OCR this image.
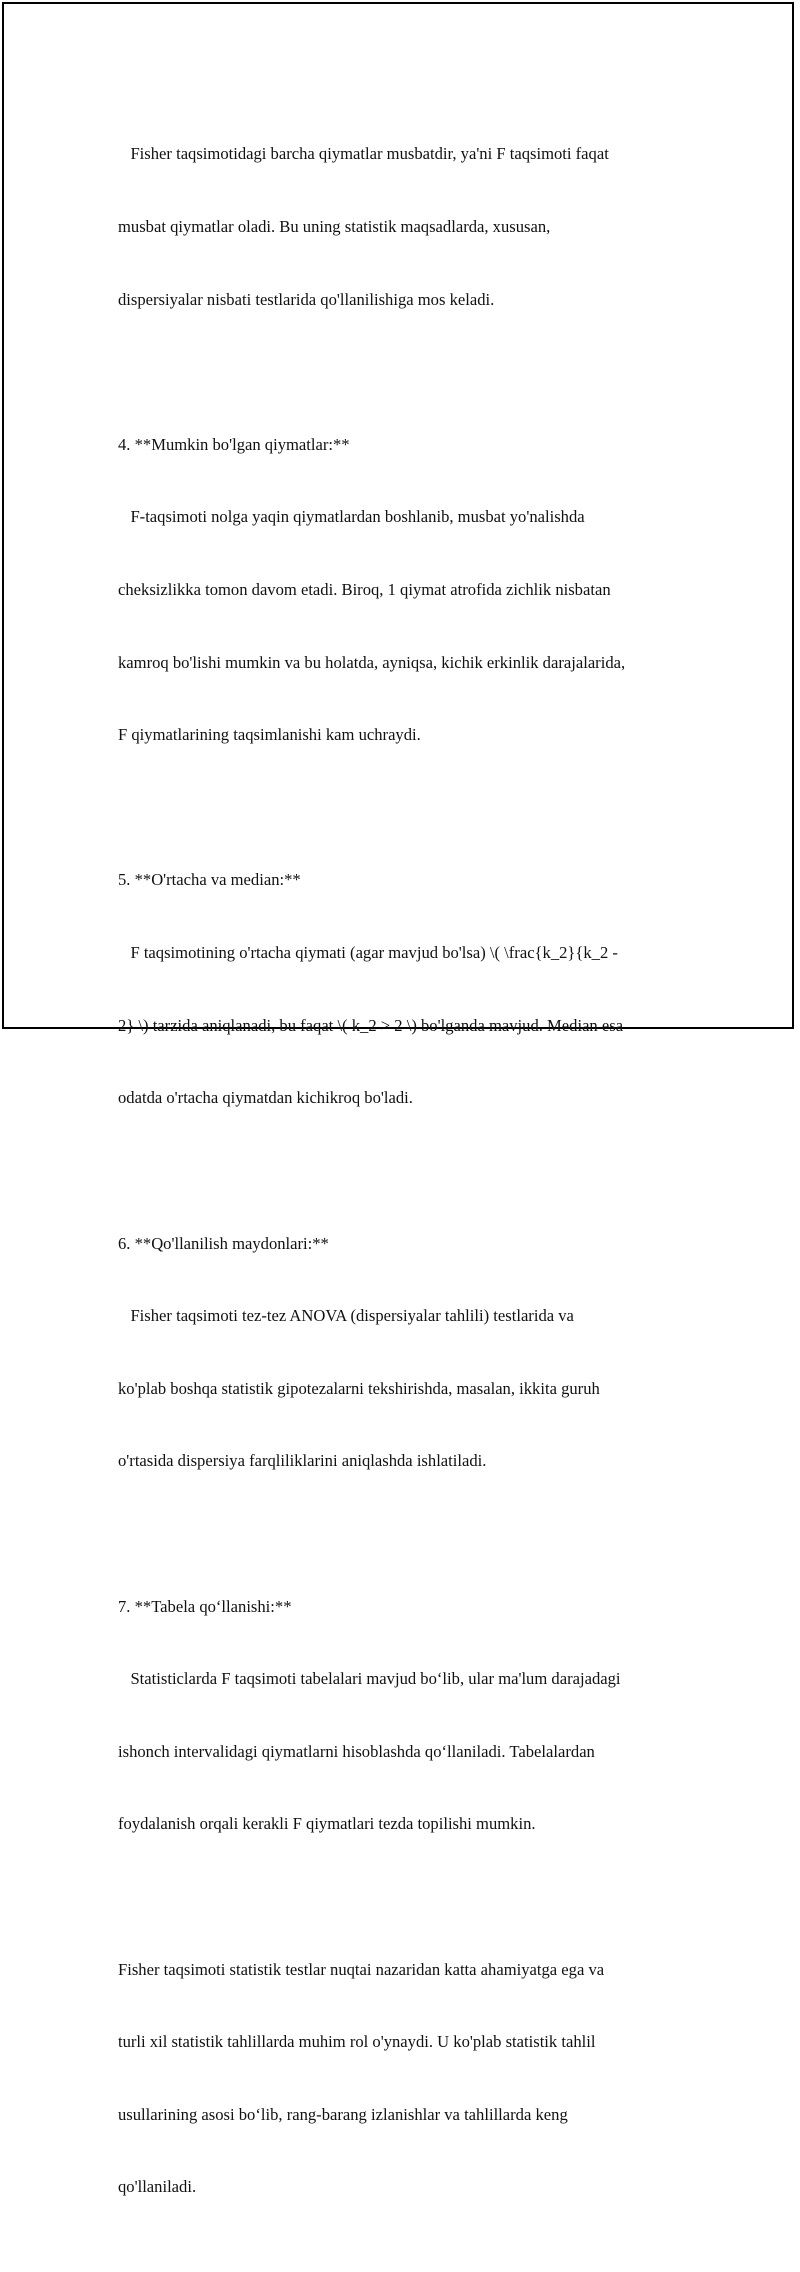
Fisher taqsimotidagi barcha qiymatlar musbatdir, ya'ni F taqsimoti faqat

musbat qiymatlar oladi. Bu uning statistik maqsadlarda, xususan,

dispersiyalar nisbati testlarida qo'llanilishiga mos keladi.

4. **Mumkin bo'lgan qiymatlar:**

F-taqsimoti nolga yaqin qiymatlardan boshlanib, musbat yo'nalishda

cheksizlikka tomon davom etadi. Biroq, 1 qiymat atrofida zichlik nisbatan

kamroq bo'lishi mumkin va bu holatda, ayniqsa, kichik erkinlik darajalarida,

F qiymatlarining taqsimlanishi kam uchraydi.

5. **O'rtacha va median:**

F taqsimotining o'rtacha qiymati (agar mavjud bo'lsa) \( \frac{k_2}{k_2 -

2} \) tarzida aniqlanadi, bu faqat \( k_2 > 2 \) bo'lganda mavjud. Median esa

odatda o'rtacha qiymatdan kichikroq bo'ladi.

6. **Qo'llanilish maydonlari:**

Fisher taqsimoti tez-tez ANOVA (dispersiyalar tahlili) testlarida va

ko'plab boshqa statistik gipotezalarni tekshirishda, masalan, ikkita guruh

o'rtasida dispersiya farqliliklarini aniqlashda ishlatiladi.

7. **Tabela qo‘llanishi:**

Statisticlarda F taqsimoti tabelalari mavjud bo‘lib, ular ma'lum darajadagi

ishonch intervalidagi qiymatlarni hisoblashda qo‘llaniladi. Tabelalardan

foydalanish orqali kerakli F qiymatlari tezda topilishi mumkin.

Fisher taqsimoti statistik testlar nuqtai nazaridan katta ahamiyatga ega va

turli xil statistik tahlillarda muhim rol o'ynaydi. U ko'plab statistik tahlil

usullarining asosi bo‘lib, rang-barang izlanishlar va tahlillarda keng

qo'llaniladi.
